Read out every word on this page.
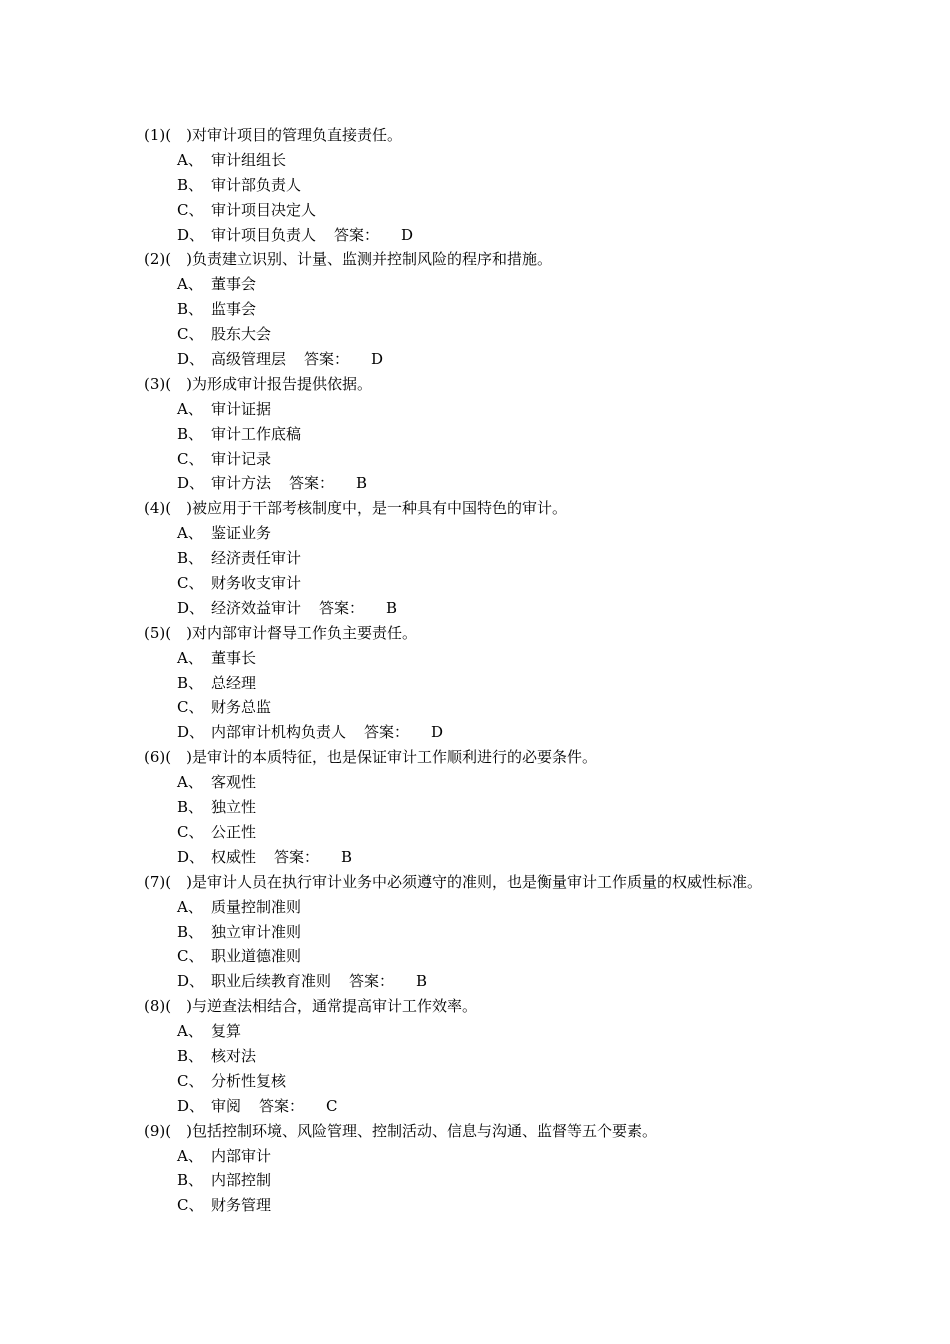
(1)(　)对审计项目的管理负直接责任。
A、 审计组组长
B、 审计部负责人
C、 审计项目决定人
D、 审计项目负责人 答案： D
(2)(　)负责建立识别、计量、监测并控制风险的程序和措施。
A、 董事会
B、 监事会
C、 股东大会
D、 高级管理层 答案： D
(3)(　)为形成审计报告提供依据。
A、 审计证据
B、 审计工作底稿
C、 审计记录
D、 审计方法 答案： B
(4)(　)被应用于干部考核制度中，是一种具有中国特色的审计。
A、 鉴证业务
B、 经济责任审计
C、 财务收支审计
D、 经济效益审计 答案： B
(5)(　)对内部审计督导工作负主要责任。
A、 董事长
B、 总经理
C、 财务总监
D、 内部审计机构负责人 答案： D
(6)(　)是审计的本质特征，也是保证审计工作顺利进行的必要条件。
A、 客观性
B、 独立性
C、 公正性
D、 权威性 答案： B
(7)(　)是审计人员在执行审计业务中必须遵守的准则，也是衡量审计工作质量的权威性标准。
A、 质量控制准则
B、 独立审计准则
C、 职业道德准则
D、 职业后续教育准则 答案： B
(8)(　)与逆查法相结合，通常提高审计工作效率。
A、 复算
B、 核对法
C、 分析性复核
D、 审阅 答案： C
(9)(　)包括控制环境、风险管理、控制活动、信息与沟通、监督等五个要素。
A、 内部审计
B、 内部控制
C、 财务管理
